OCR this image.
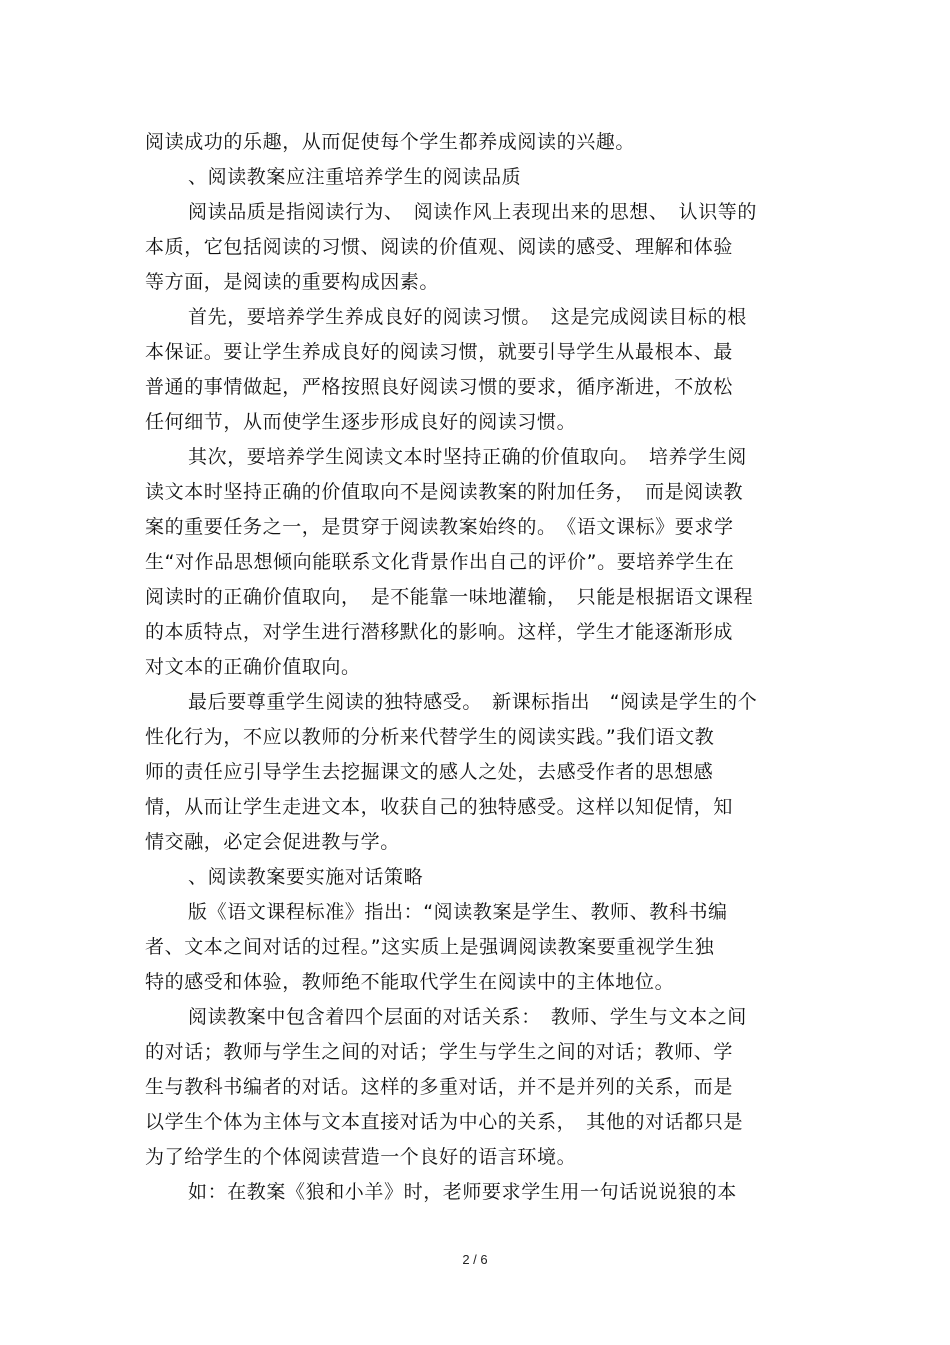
阅读成功的乐趣，从而促使每个学生都养成阅读的兴趣。
、阅读教案应注重培养学生的阅读品质
阅读品质是指阅读行为、　阅读作风上表现出来的思想、　认识等的
本质，它包括阅读的习惯、阅读的价值观、阅读的感受、理解和体验
等方面，是阅读的重要构成因素。
首先，要培养学生养成良好的阅读习惯。　这是完成阅读目标的根
本保证。要让学生养成良好的阅读习惯，就要引导学生从最根本、最
普通的事情做起，严格按照良好阅读习惯的要求，循序渐进，不放松
任何细节，从而使学生逐步形成良好的阅读习惯。
其次，要培养学生阅读文本时坚持正确的价值取向。　培养学生阅
读文本时坚持正确的价值取向不是阅读教案的附加任务，　而是阅读教
案的重要任务之一，是贯穿于阅读教案始终的。　《语文课标》要求学
生“对作品思想倾向能联系文化背景作出自己的评价”。要培养学生在
阅读时的正确价值取向，　是不能靠一味地灌输，　只能是根据语文课程
的本质特点，对学生进行潜移默化的影响。这样，学生才能逐渐形成
对文本的正确价值取向。
最后要尊重学生阅读的独特感受。　新课标指出　“阅读是学生的个
性化行为，不应以教师的分析来代替学生的阅读实践。”我们语文教
师的责任应引导学生去挖掘课文的感人之处，去感受作者的思想感
情，从而让学生走进文本，收获自己的独特感受。这样以知促情，知
情交融，必定会促进教与学。
、阅读教案要实施对话策略
版《语文课程标准》指出：“阅读教案是学生、教师、教科书编
者、文本之间对话的过程。”这实质上是强调阅读教案要重视学生独
特的感受和体验，教师绝不能取代学生在阅读中的主体地位。
阅读教案中包含着四个层面的对话关系：　教师、学生与文本之间
的对话；教师与学生之间的对话；学生与学生之间的对话；教师、学
生与教科书编者的对话。这样的多重对话，并不是并列的关系，而是
以学生个体为主体与文本直接对话为中心的关系，　其他的对话都只是
为了给学生的个体阅读营造一个良好的语言环境。
如：在教案《狼和小羊》时，老师要求学生用一句话说说狼的本
2 / 6
